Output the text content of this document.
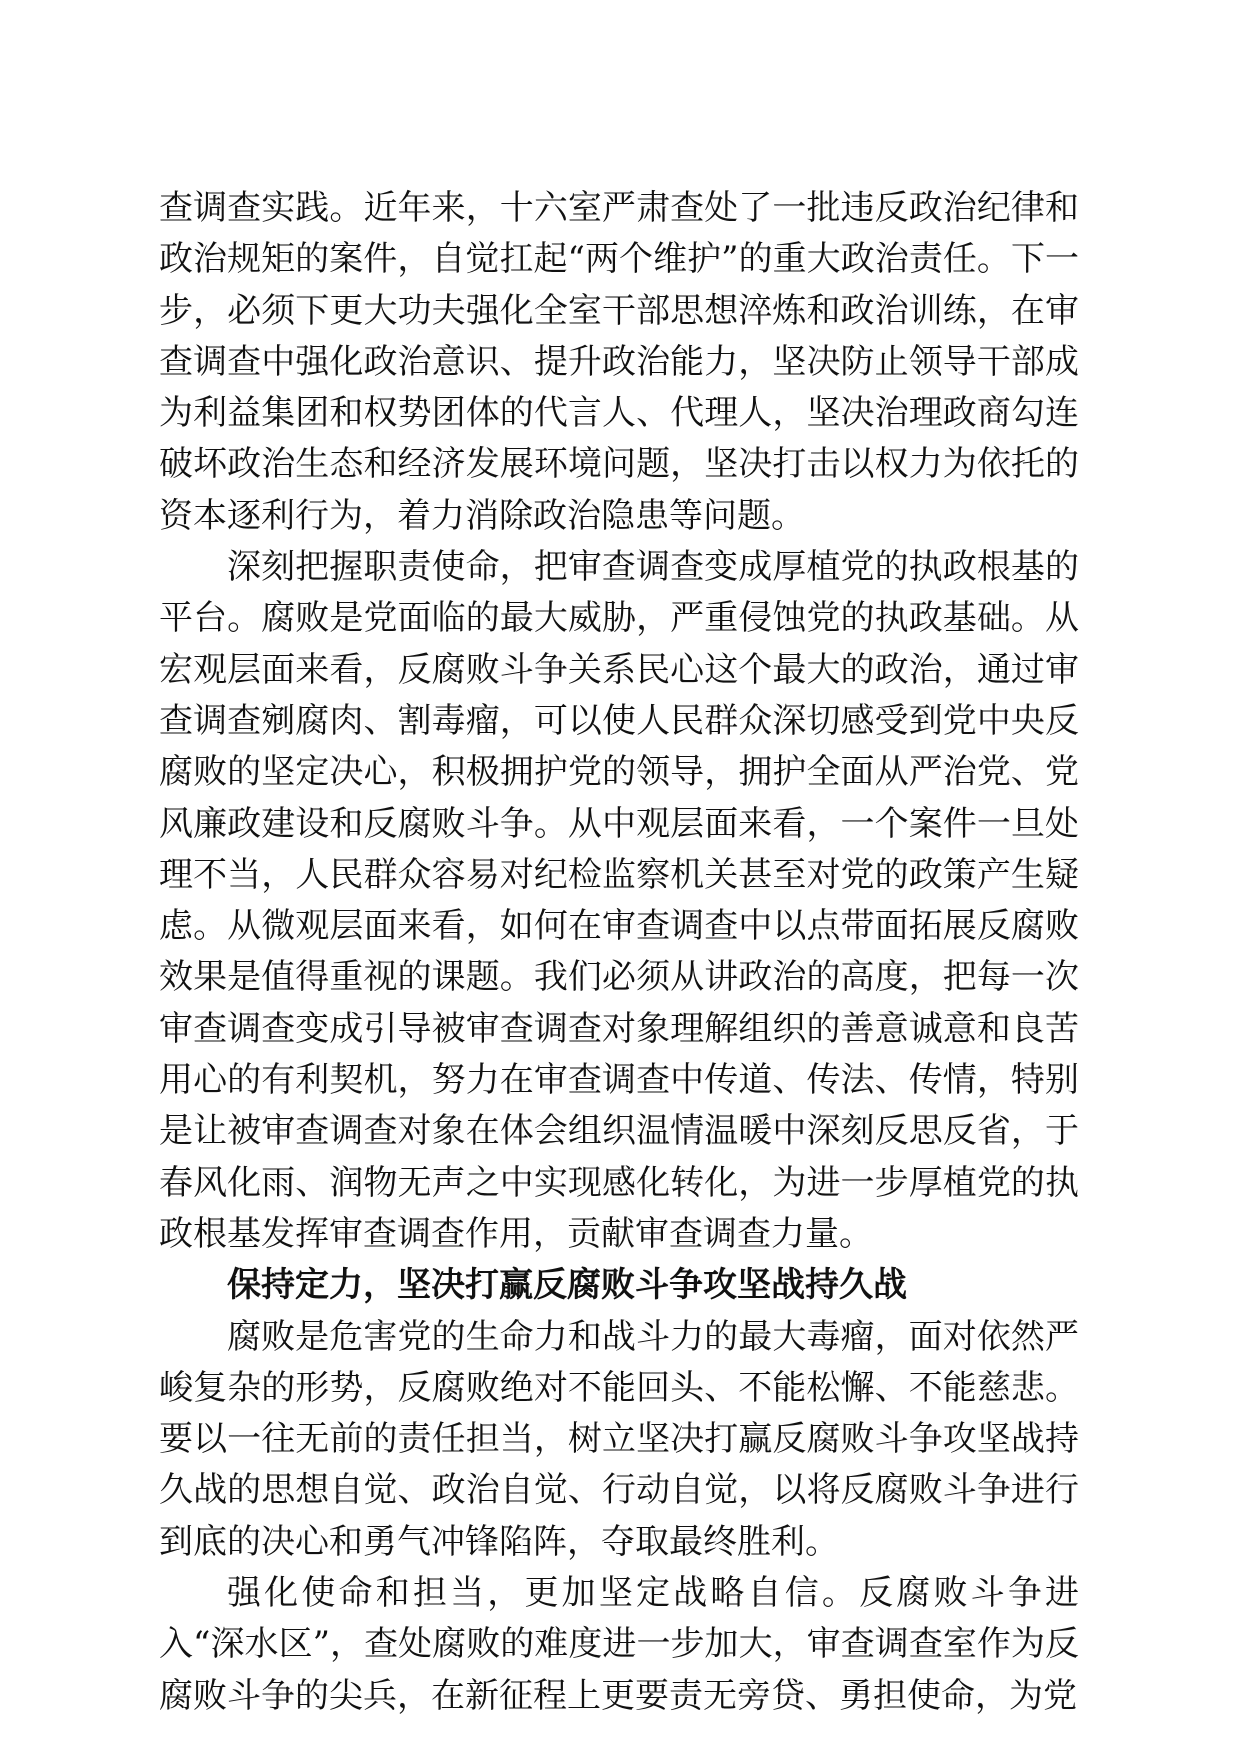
查调查实践。近年来，十六室严肃查处了一批违反政治纪律和政治规矩的案件，自觉扛起“两个维护”的重大政治责任。下一步，必须下更大功夫强化全室干部思想淬炼和政治训练，在审查调查中强化政治意识、提升政治能力，坚决防止领导干部成为利益集团和权势团体的代言人、代理人，坚决治理政商勾连破坏政治生态和经济发展环境问题，坚决打击以权力为依托的资本逐利行为，着力消除政治隐患等问题。

深刻把握职责使命，把审查调查变成厚植党的执政根基的平台。腐败是党面临的最大威胁，严重侵蚀党的执政基础。从宏观层面来看，反腐败斗争关系民心这个最大的政治，通过审查调查剜腐肉、割毒瘤，可以使人民群众深切感受到党中央反腐败的坚定决心，积极拥护党的领导，拥护全面从严治党、党风廉政建设和反腐败斗争。从中观层面来看，一个案件一旦处理不当，人民群众容易对纪检监察机关甚至对党的政策产生疑虑。从微观层面来看，如何在审查调查中以点带面拓展反腐败效果是值得重视的课题。我们必须从讲政治的高度，把每一次审查调查变成引导被审查调查对象理解组织的善意诚意和良苦用心的有利契机，努力在审查调查中传道、传法、传情，特别是让被审查调查对象在体会组织温情温暖中深刻反思反省，于春风化雨、润物无声之中实现感化转化，为进一步厚植党的执政根基发挥审查调查作用，贡献审查调查力量。

保持定力，坚决打赢反腐败斗争攻坚战持久战

腐败是危害党的生命力和战斗力的最大毒瘤，面对依然严峻复杂的形势，反腐败绝对不能回头、不能松懈、不能慈悲。要以一往无前的责任担当，树立坚决打赢反腐败斗争攻坚战持久战的思想自觉、政治自觉、行动自觉，以将反腐败斗争进行到底的决心和勇气冲锋陷阵，夺取最终胜利。

强化使命和担当，更加坚定战略自信。反腐败斗争进入“深水区”，查处腐败的难度进一步加大，审查调查室作为反腐败斗争的尖兵，在新征程上更要责无旁贷、勇担使命，为党
